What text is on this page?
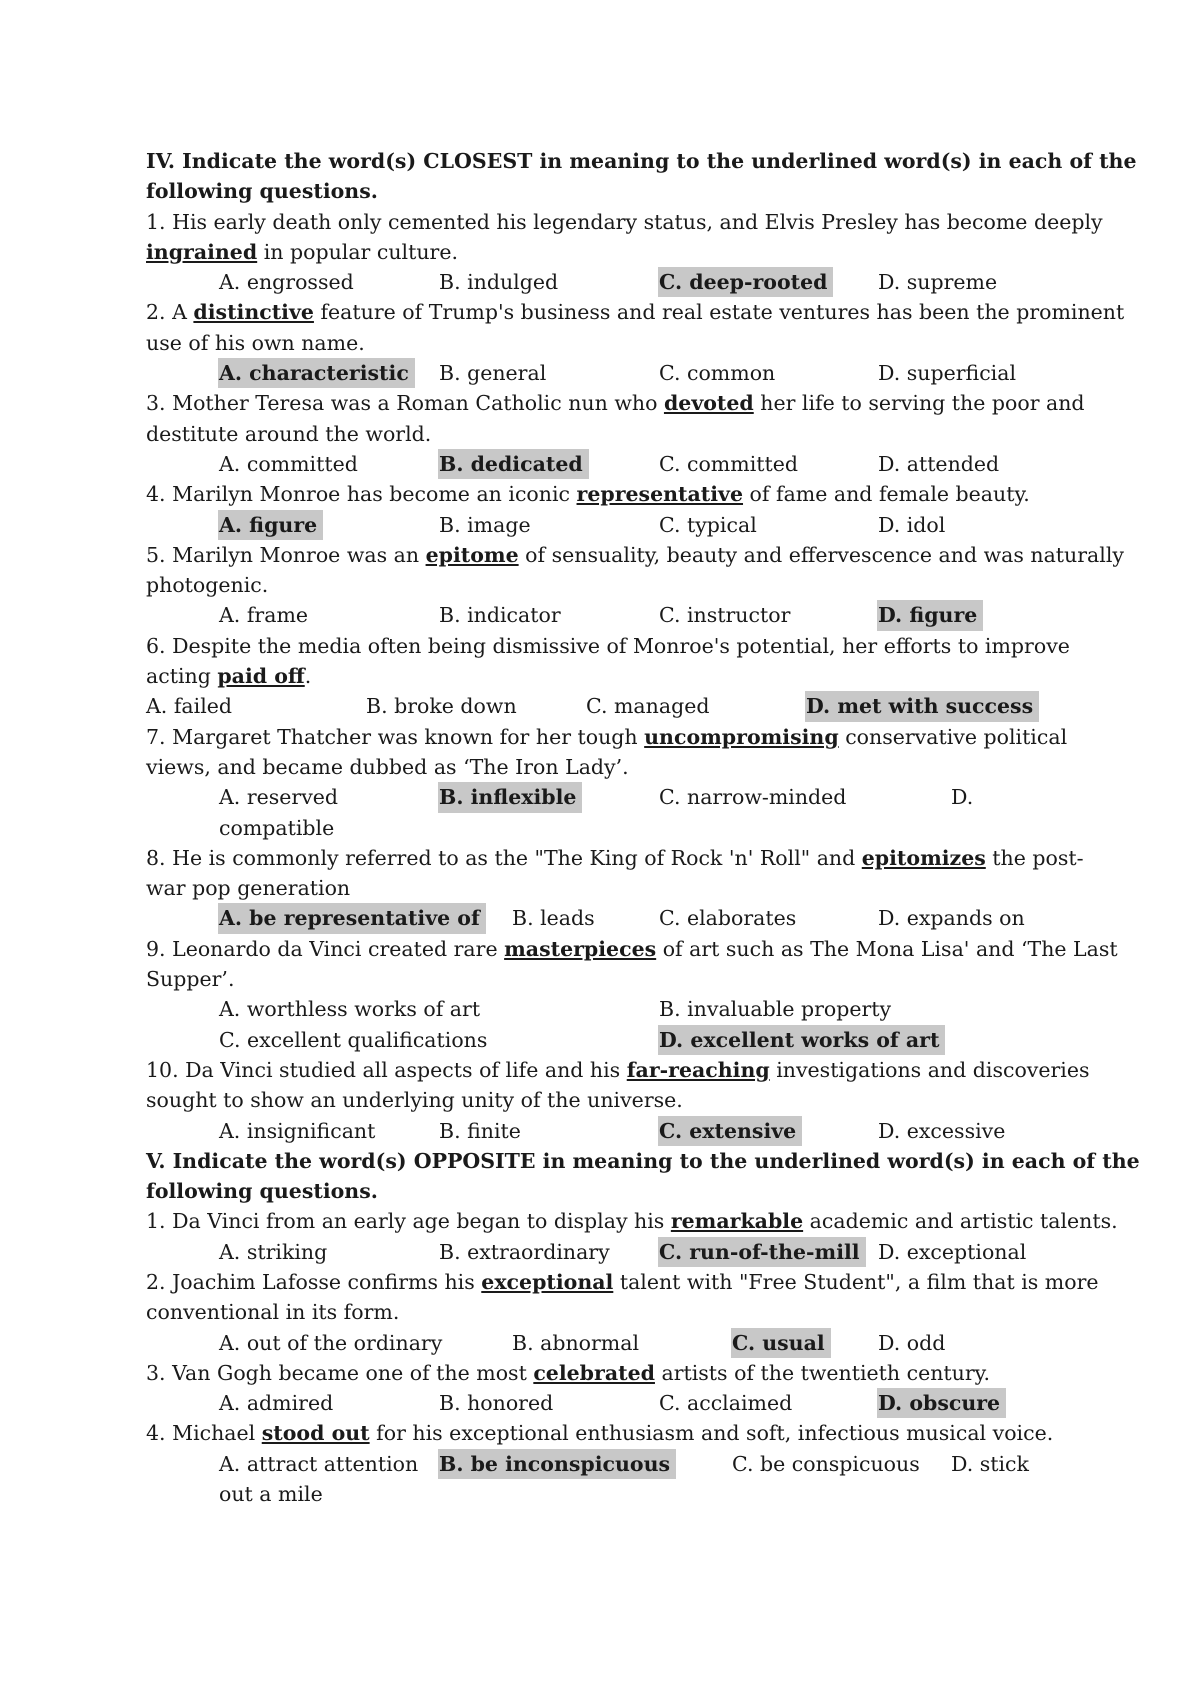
IV. Indicate the word(s) CLOSEST in meaning to the underlined word(s) in each of the
following questions.
1. His early death only cemented his legendary status, and Elvis Presley has become deeply
ingrained in popular culture.
A. engrossed	B. indulged	C. deep-rooted D. supreme
2. A distinctive feature of Trump's business and real estate ventures has been the prominent
use of his own name.
A. characteristic B. general	C. common	D. superficial
3. Mother Teresa was a Roman Catholic nun who devoted her life to serving the poor and
destitute around the world.
A. committed	B. dedicated	C. committed	D. attended
4. Marilyn Monroe has become an iconic representative of fame and female beauty.
A. figure	B. image	C. typical	D. idol
5. Marilyn Monroe was an epitome of sensuality, beauty and effervescence and was naturally
photogenic.
A. frame	B. indicator	C. instructor	D. figure
6. Despite the media often being dismissive of Monroe's potential, her efforts to improve
acting paid off.
A. failed	B. broke down	C. managed	D. met with success
7. Margaret Thatcher was known for her tough uncompromising conservative political
views, and became dubbed as ‘The Iron Lady’.
A. reserved	B. inflexible	C. narrow-minded	D.
compatible
8. He is commonly referred to as the "The King of Rock 'n' Roll" and epitomizes the post-
war pop generation
A. be representative of B. leads	C. elaborates	D. expands on
9. Leonardo da Vinci created rare masterpieces of art such as The Mona Lisa' and ‘The Last
Supper’.
A. worthless works of art	B. invaluable property
C. excellent qualifications	D. excellent works of art
10. Da Vinci studied all aspects of life and his far-reaching investigations and discoveries
sought to show an underlying unity of the universe.
A. insignificant	B. finite	C. extensive	D. excessive
V. Indicate the word(s) OPPOSITE in meaning to the underlined word(s) in each of the
following questions.
1. Da Vinci from an early age began to display his remarkable academic and artistic talents.
A. striking	B. extraordinary C. run-of-the-mill D. exceptional
2. Joachim Lafosse confirms his exceptional talent with "Free Student", a film that is more
conventional in its form.
A. out of the ordinary	B. abnormal	C. usual	D. odd
3. Van Gogh became one of the most celebrated artists of the twentieth century.
A. admired	B. honored	C. acclaimed	D. obscure
4. Michael stood out for his exceptional enthusiasm and soft, infectious musical voice.
A. attract attention B. be inconspicuous	C. be conspicuous D. stick
out a mile
